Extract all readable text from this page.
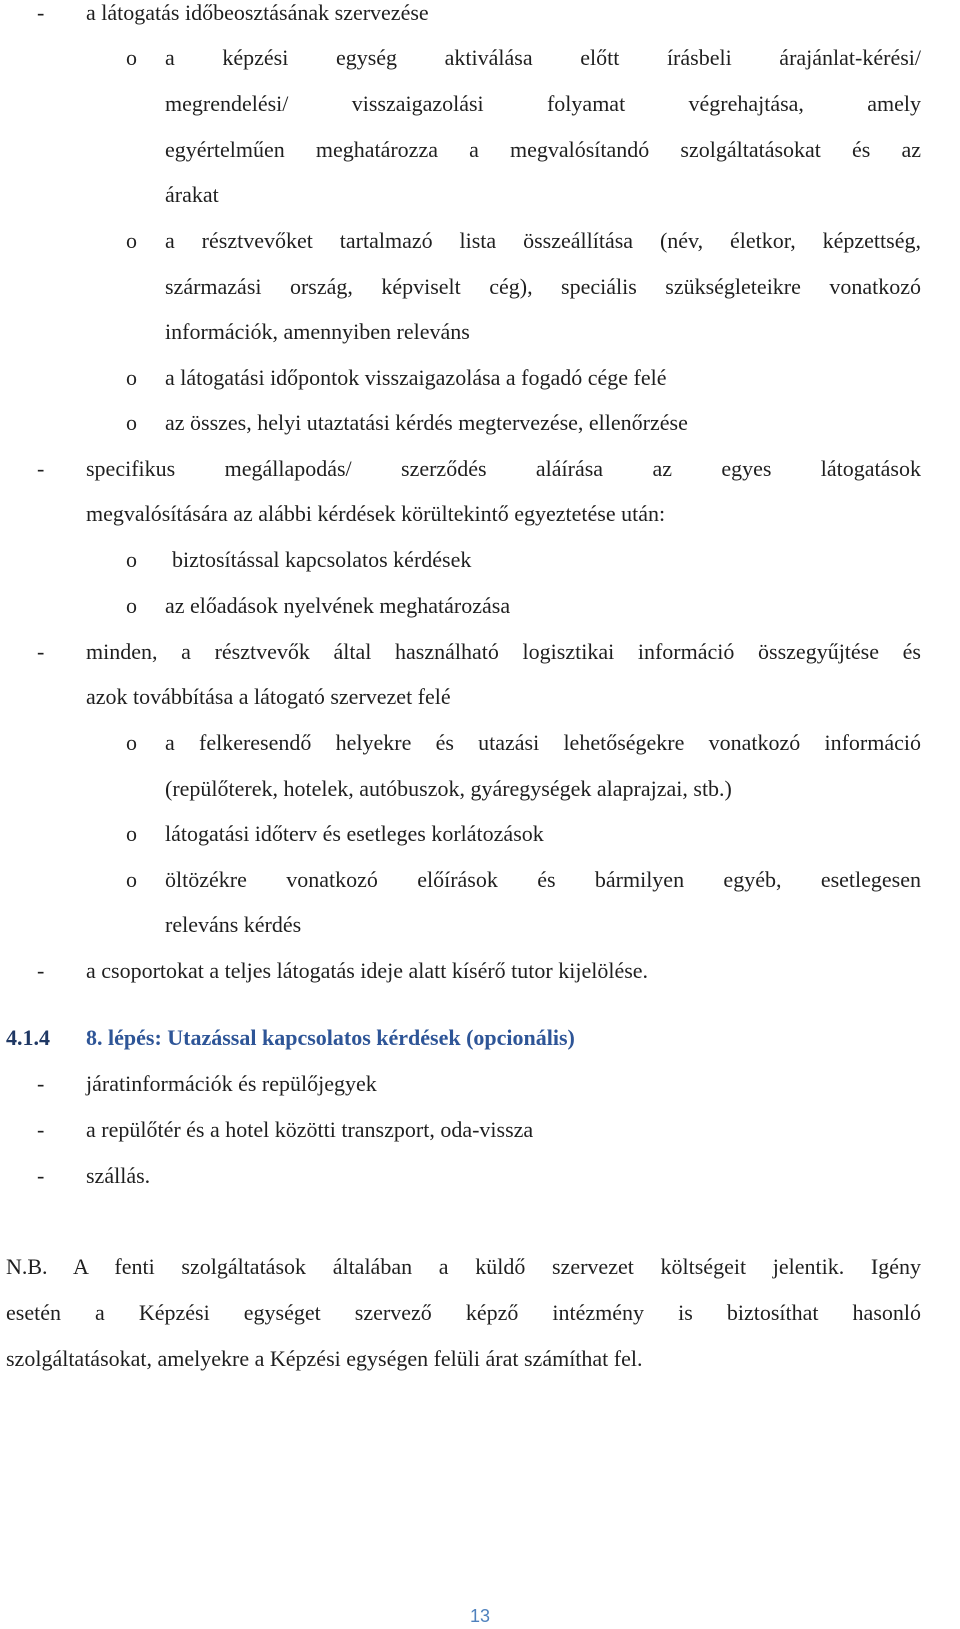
- a látogatás időbeosztásának szervezése
o a képzési egység aktiválása előtt írásbeli árajánlat-kérési/
megrendelési/ visszaigazolási folyamat végrehajtása, amely
egyértelműen meghatározza a megvalósítandó szolgáltatásokat és az
árakat
o a résztvevőket tartalmazó lista összeállítása (név, életkor, képzettség,
származási ország, képviselt cég), speciális szükségleteikre vonatkozó
információk, amennyiben releváns
o a látogatási időpontok visszaigazolása a fogadó cége felé
o az összes, helyi utaztatási kérdés megtervezése, ellenőrzése
- specifikus megállapodás/ szerződés aláírása az egyes látogatások
megvalósítására az alábbi kérdések körültekintő egyeztetése után:
o biztosítással kapcsolatos kérdések
o az előadások nyelvének meghatározása
- minden, a résztvevők által használható logisztikai információ összegyűjtése és
azok továbbítása a látogató szervezet felé
o a felkeresendő helyekre és utazási lehetőségekre vonatkozó információ
(repülőterek, hotelek, autóbuszok, gyáregységek alaprajzai, stb.)
o látogatási időterv és esetleges korlátozások
o öltözékre vonatkozó előírások és bármilyen egyéb, esetlegesen
releváns kérdés
- a csoportokat a teljes látogatás ideje alatt kísérő tutor kijelölése.
4.1.4 8. lépés: Utazással kapcsolatos kérdések (opcionális)
- járatinformációk és repülőjegyek
- a repülőtér és a hotel közötti transzport, oda-vissza
- szállás.
N.B. A fenti szolgáltatások általában a küldő szervezet költségeit jelentik. Igény
esetén a Képzési egységet szervező képző intézmény is biztosíthat hasonló
szolgáltatásokat, amelyekre a Képzési egységen felüli árat számíthat fel.
13
